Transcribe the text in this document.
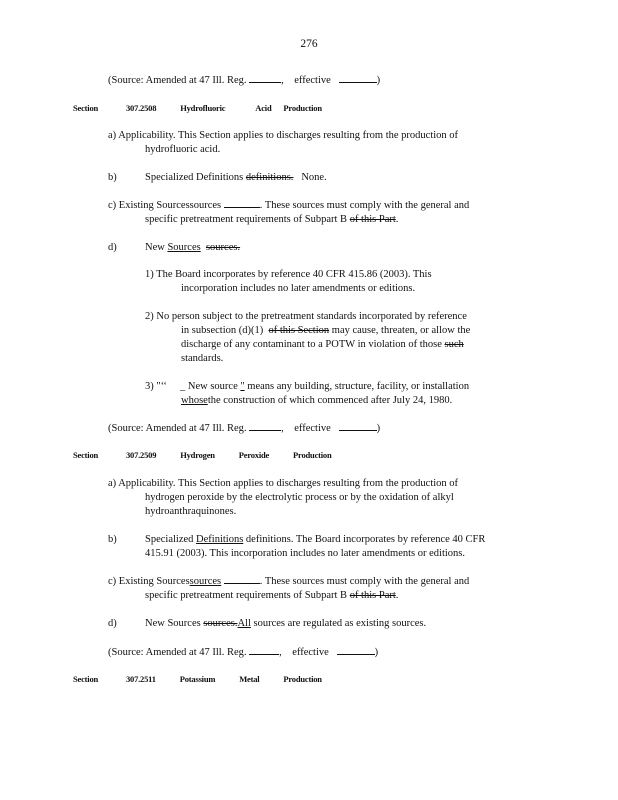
276
(Source: Amended at 47 Ill. Reg.	, effective	)
Section	307.2508	Hydrofluoric	Acid Production
a) Applicability. This Section applies to discharges resulting from the production of
hydrofluoric acid.
b)	Specialized Definitions definitions. None.
c) Existing Sourcessources	. These sources must comply with the general and
specific pretreatment requirements of Subpart B of this Part.
d)	New Sources sources.
1) The Board incorporates by reference 40 CFR 415.86 (2003). This
incorporation includes no later amendments or editions.
2) No person subject to the pretreatment standards incorporated by reference
in subsection (d)(1) of this Section may cause, threaten, or allow the
discharge of any contaminant to a POTW in violation of those such
standards.
3) "‘‘ _ New source " means any building, structure, facility, or installation
whosethe construction of which commenced after July 24, 1980.
(Source: Amended at 47 Ill. Reg.	, effective	)
Section	307.2509	Hydrogen	Peroxide	Production
a) Applicability. This Section applies to discharges resulting from the production of
hydrogen peroxide by the electrolytic process or by the oxidation of alkyl
hydroanthraquinones.
b)	Specialized Definitions definitions. The Board incorporates by reference 40 CFR
415.91 (2003). This incorporation includes no later amendments or editions.
c) Existing Sourcessources	. These sources must comply with the general and
specific pretreatment requirements of Subpart B of this Part.
d)	New Sources sources.All sources are regulated as existing sources.
(Source: Amended at 47 Ill. Reg.	, effective	)
Section	307.2511	Potassium	Metal	Production
